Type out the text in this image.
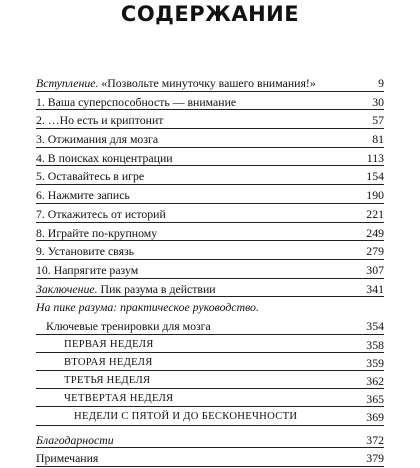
СОДЕРЖАНИЕ
Вступление. «Позвольте минуточку вашего внимания!»	9
1. Ваша суперспособность — внимание	30
2. …Но есть и криптонит	57
3. Отжимания для мозга	81
4. В поисках концентрации	113
5. Оставайтесь в игре	154
6. Нажмите запись	190
7. Откажитесь от историй	221
8. Играйте по-крупному	249
9. Установите связь	279
10. Напрягите разум	307
Заключение. Пик разума в действии	341
На пике разума: практическое руководство.
Ключевые тренировки для мозга	354
ПЕРВАЯ НЕДЕЛЯ	358
ВТОРАЯ НЕДЕЛЯ	359
ТРЕТЬЯ НЕДЕЛЯ	362
ЧЕТВЕРТАЯ НЕДЕЛЯ	365
НЕДЕЛИ С ПЯТОЙ И ДО БЕСКОНЕЧНОСТИ	369
Благодарности	372
Примечания	379
